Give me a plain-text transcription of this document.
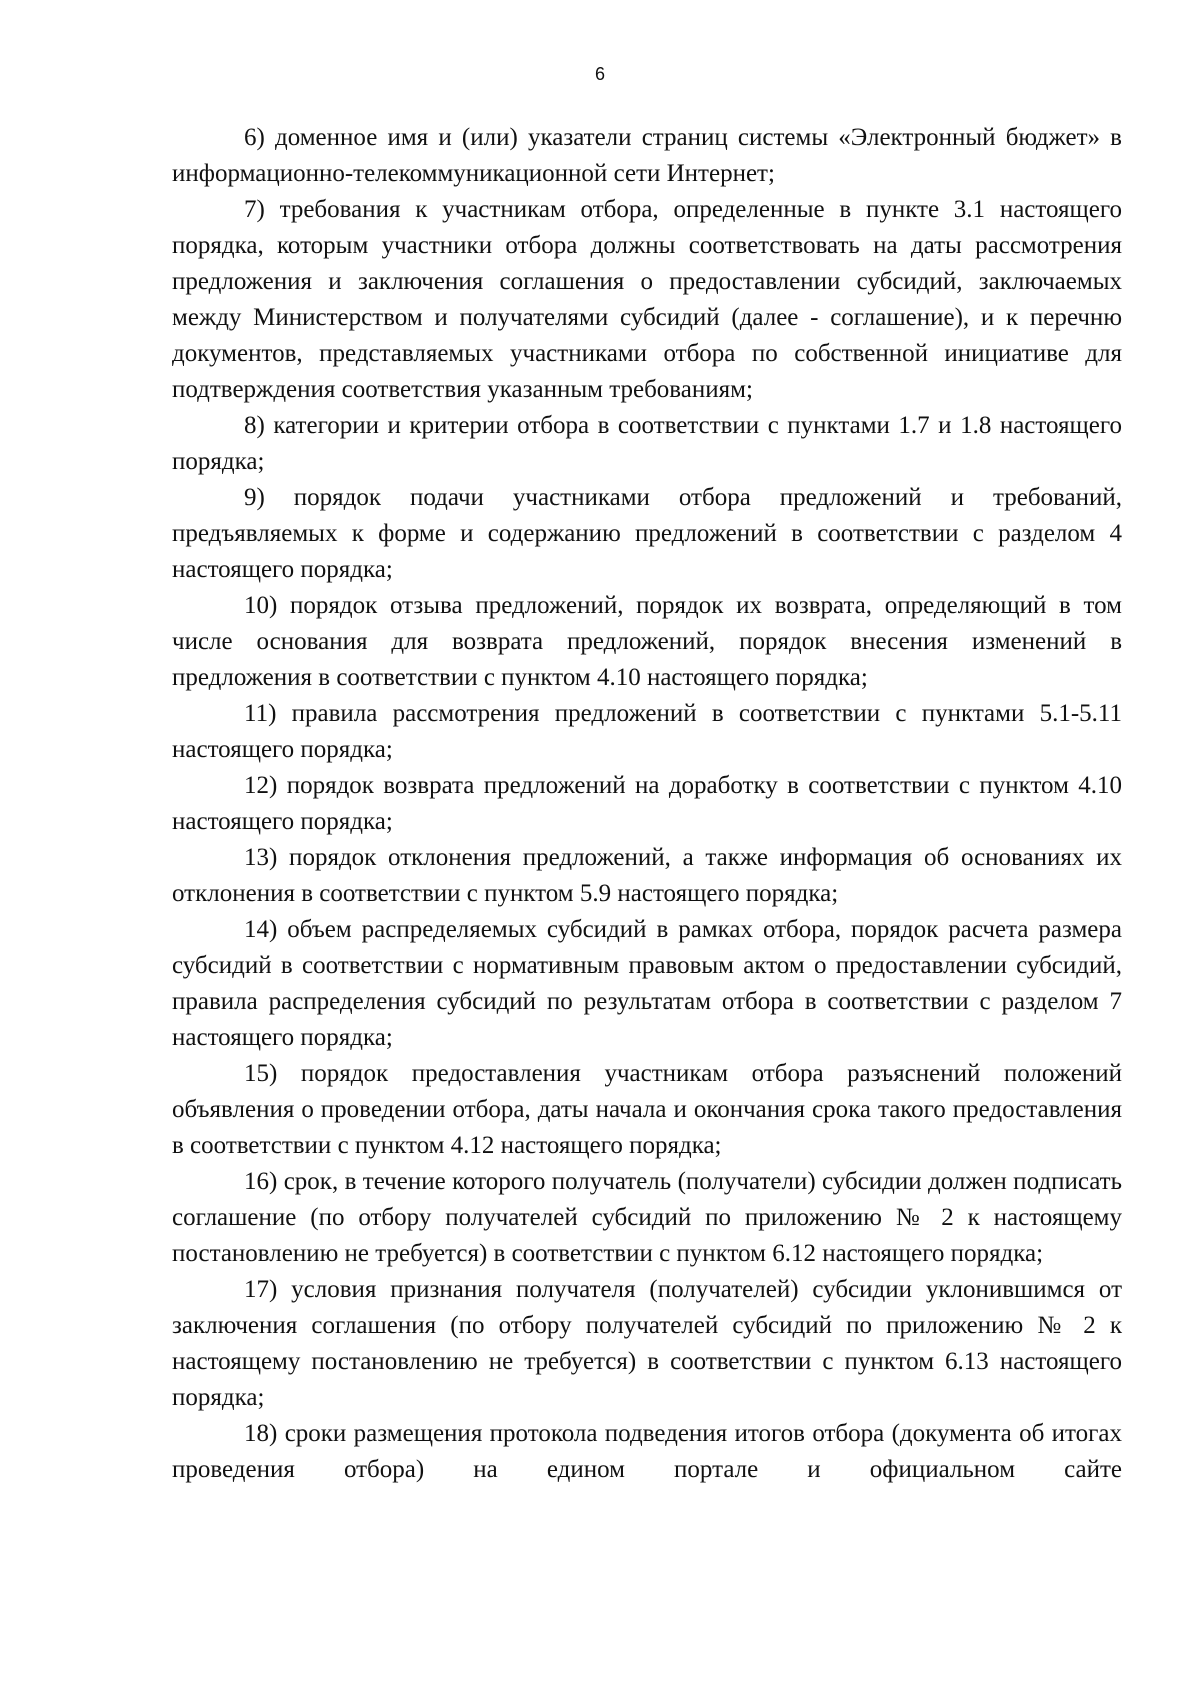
6

6) доменное имя и (или) указатели страниц системы «Электронный бюджет» в информационно-телекоммуникационной сети Интернет;

7) требования к участникам отбора, определенные в пункте 3.1 настоящего порядка, которым участники отбора должны соответствовать на даты рассмотрения предложения и заключения соглашения о предоставлении субсидий, заключаемых между Министерством и получателями субсидий (далее - соглашение), и к перечню документов, представляемых участниками отбора по собственной инициативе для подтверждения соответствия указанным требованиям;

8) категории и критерии отбора в соответствии с пунктами 1.7 и 1.8 настоящего порядка;

9) порядок подачи участниками отбора предложений и требований, предъявляемых к форме и содержанию предложений в соответствии с разделом 4 настоящего порядка;

10) порядок отзыва предложений, порядок их возврата, определяющий в том числе основания для возврата предложений, порядок внесения изменений в предложения в соответствии с пунктом 4.10 настоящего порядка;

11) правила рассмотрения предложений в соответствии с пунктами 5.1-5.11 настоящего порядка;

12) порядок возврата предложений на доработку в соответствии с пунктом 4.10 настоящего порядка;

13) порядок отклонения предложений, а также информация об основаниях их отклонения в соответствии с пунктом 5.9 настоящего порядка;

14) объем распределяемых субсидий в рамках отбора, порядок расчета размера субсидий в соответствии с нормативным правовым актом о предоставлении субсидий, правила распределения субсидий по результатам отбора в соответствии с разделом 7 настоящего порядка;

15) порядок предоставления участникам отбора разъяснений положений объявления о проведении отбора, даты начала и окончания срока такого предоставления в соответствии с пунктом 4.12 настоящего порядка;

16) срок, в течение которого получатель (получатели) субсидии должен подписать соглашение (по отбору получателей субсидий по приложению № 2 к настоящему постановлению не требуется) в соответствии с пунктом 6.12 настоящего порядка;

17) условия признания получателя (получателей) субсидии уклонившимся от заключения соглашения (по отбору получателей субсидий по приложению № 2 к настоящему постановлению не требуется) в соответствии с пунктом 6.13 настоящего порядка;

18) сроки размещения протокола подведения итогов отбора (документа об итогах проведения отбора) на едином портале и официальном сайте
